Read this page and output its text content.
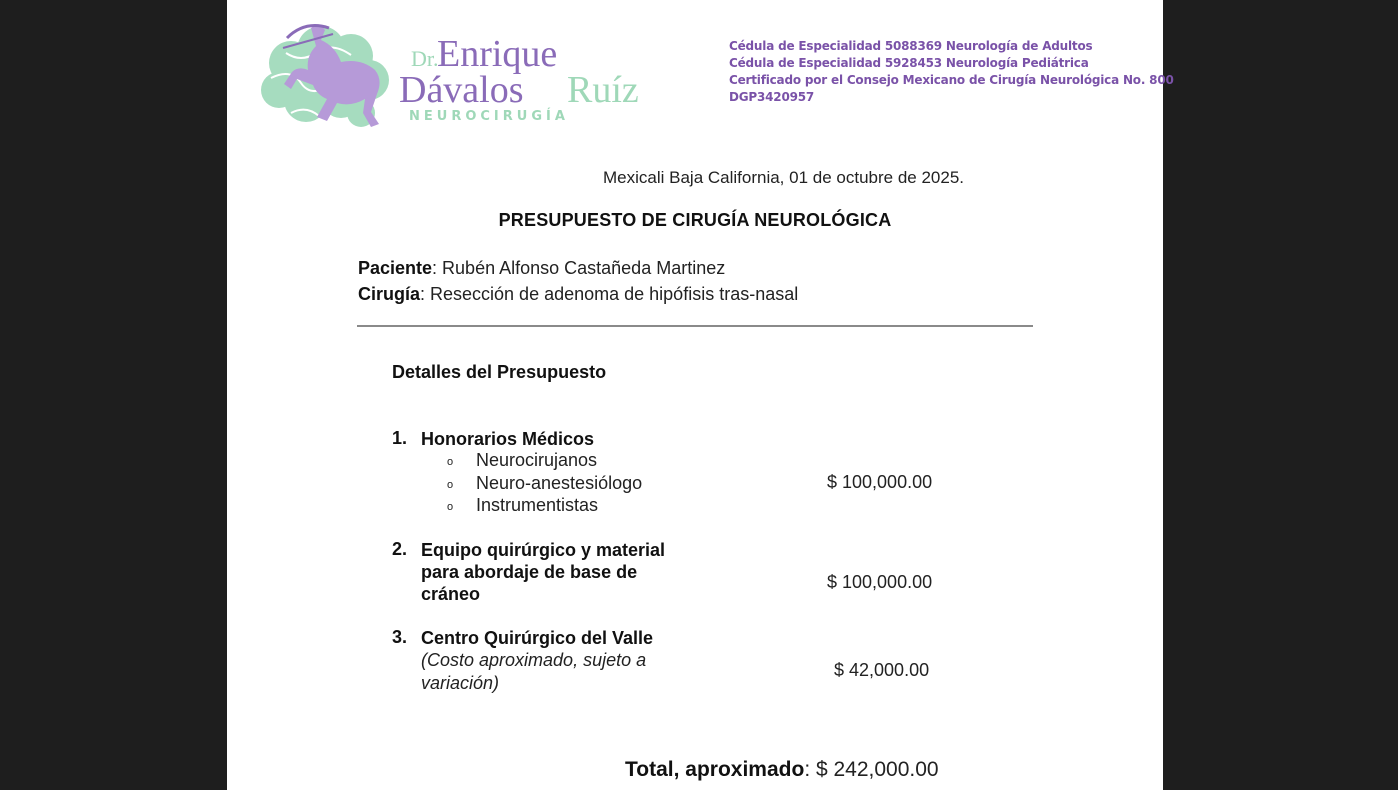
Dr.
Enrique
Dávalos Ruíz
NEUROCIRUGÍA
Cédula de Especialidad 5088369 Neurología de Adultos
Cédula de Especialidad 5928453 Neurología Pediátrica
Certificado por el Consejo Mexicano de Cirugía Neurológica No. 800
DGP3420957
Mexicali Baja California, 01 de octubre de 2025.
PRESUPUESTO DE CIRUGÍA NEUROLÓGICA
Paciente: Rubén Alfonso Castañeda Martinez
Cirugía: Resección de adenoma de hipófisis tras-nasal
Detalles del Presupuesto
1. Honorarios Médicos
o Neurocirujanos
o Neuro-anestesiólogo
o Instrumentistas
$ 100,000.00
2. Equipo quirúrgico y material
para abordaje de base de
cráneo
$ 100,000.00
3. Centro Quirúrgico del Valle
(Costo aproximado, sujeto a
variación)
$ 42,000.00
Total, aproximado: $ 242,000.00
